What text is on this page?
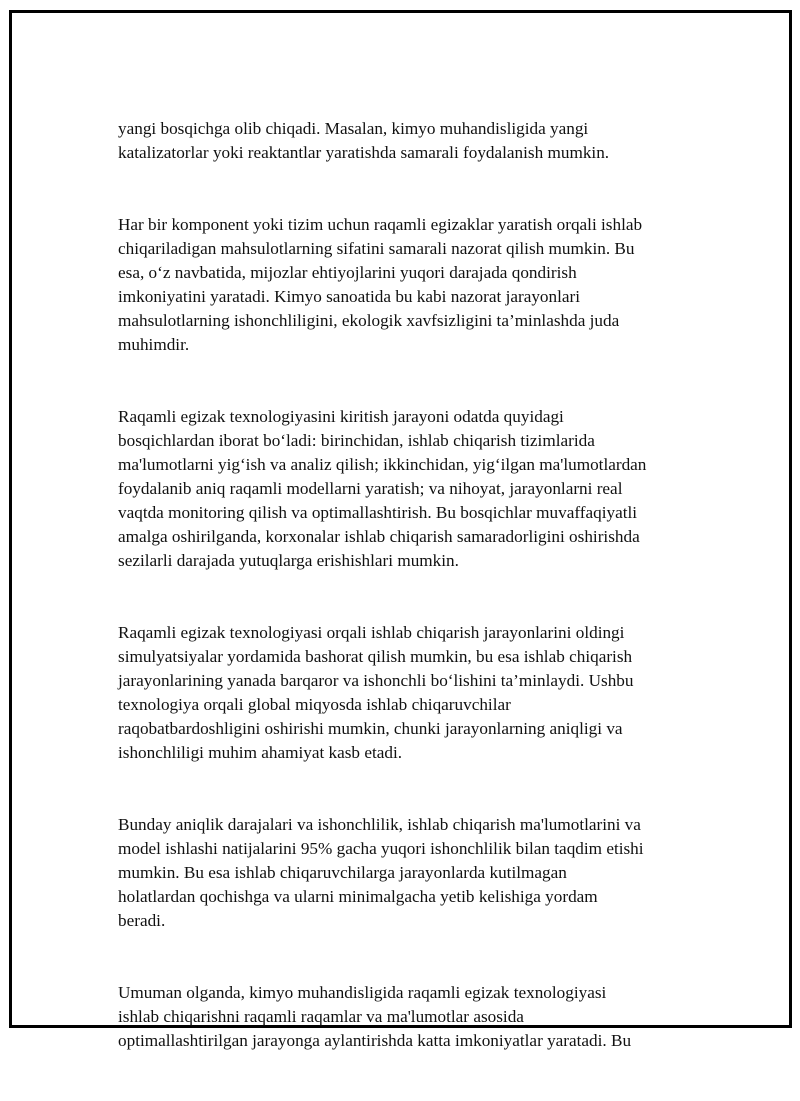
yangi bosqichga olib chiqadi. Masalan, kimyo muhandisligida yangi
katalizatorlar yoki reaktantlar yaratishda samarali foydalanish mumkin.

Har bir komponent yoki tizim uchun raqamli egizaklar yaratish orqali ishlab
chiqariladigan mahsulotlarning sifatini samarali nazorat qilish mumkin. Bu
esa, o‘z navbatida, mijozlar ehtiyojlarini yuqori darajada qondirish
imkoniyatini yaratadi. Kimyo sanoatida bu kabi nazorat jarayonlari
mahsulotlarning ishonchliligini, ekologik xavfsizligini ta’minlashda juda
muhimdir.

Raqamli egizak texnologiyasini kiritish jarayoni odatda quyidagi
bosqichlardan iborat bo‘ladi: birinchidan, ishlab chiqarish tizimlarida
ma'lumotlarni yig‘ish va analiz qilish; ikkinchidan, yig‘ilgan ma'lumotlardan
foydalanib aniq raqamli modellarni yaratish; va nihoyat, jarayonlarni real
vaqtda monitoring qilish va optimallashtirish. Bu bosqichlar muvaffaqiyatli
amalga oshirilganda, korxonalar ishlab chiqarish samaradorligini oshirishda
sezilarli darajada yutuqlarga erishishlari mumkin.

Raqamli egizak texnologiyasi orqali ishlab chiqarish jarayonlarini oldingi
simulyatsiyalar yordamida bashorat qilish mumkin, bu esa ishlab chiqarish
jarayonlarining yanada barqaror va ishonchli bo‘lishini ta’minlaydi. Ushbu
texnologiya orqali global miqyosda ishlab chiqaruvchilar
raqobatbardoshligini oshirishi mumkin, chunki jarayonlarning aniqligi va
ishonchliligi muhim ahamiyat kasb etadi.

Bunday aniqlik darajalari va ishonchlilik, ishlab chiqarish ma'lumotlarini va
model ishlashi natijalarini 95% gacha yuqori ishonchlilik bilan taqdim etishi
mumkin. Bu esa ishlab chiqaruvchilarga jarayonlarda kutilmagan
holatlardan qochishga va ularni minimalgacha yetib kelishiga yordam
beradi.

Umuman olganda, kimyo muhandisligida raqamli egizak texnologiyasi
ishlab chiqarishni raqamli raqamlar va ma'lumotlar asosida
optimallashtirilgan jarayonga aylantirishda katta imkoniyatlar yaratadi. Bu
